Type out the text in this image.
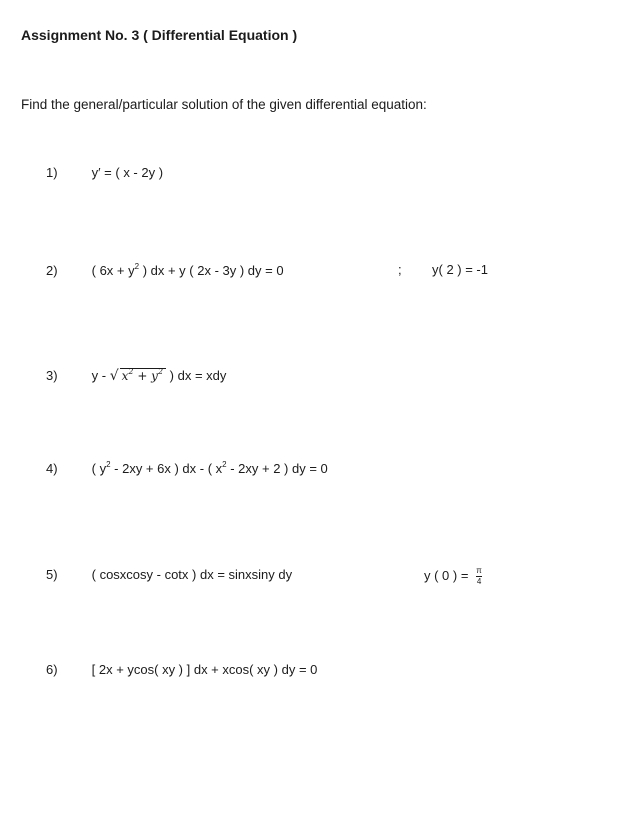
Assignment No. 3 ( Differential Equation )
Find the general/particular solution of the given differential equation:
1)	y′ = ( x - 2y )
2)	( $6x + y^2$ ) dx + y ( 2x - 3y ) dy = 0	; y( 2 ) = -1
3)	y - √ $x^2 + y^2$ ) dx = xdy
4)	( $y^2 - 2xy + 6x$ ) dx - ( $x^2 - 2xy + 2$ ) dy = 0
5)	( cosxcosy - cotx ) dx = sinxsiny dy	y ( 0 ) = $\frac{\pi}{4}$
6)	[ 2x + ycos( xy ) ] dx + xcos( xy ) dy = 0
